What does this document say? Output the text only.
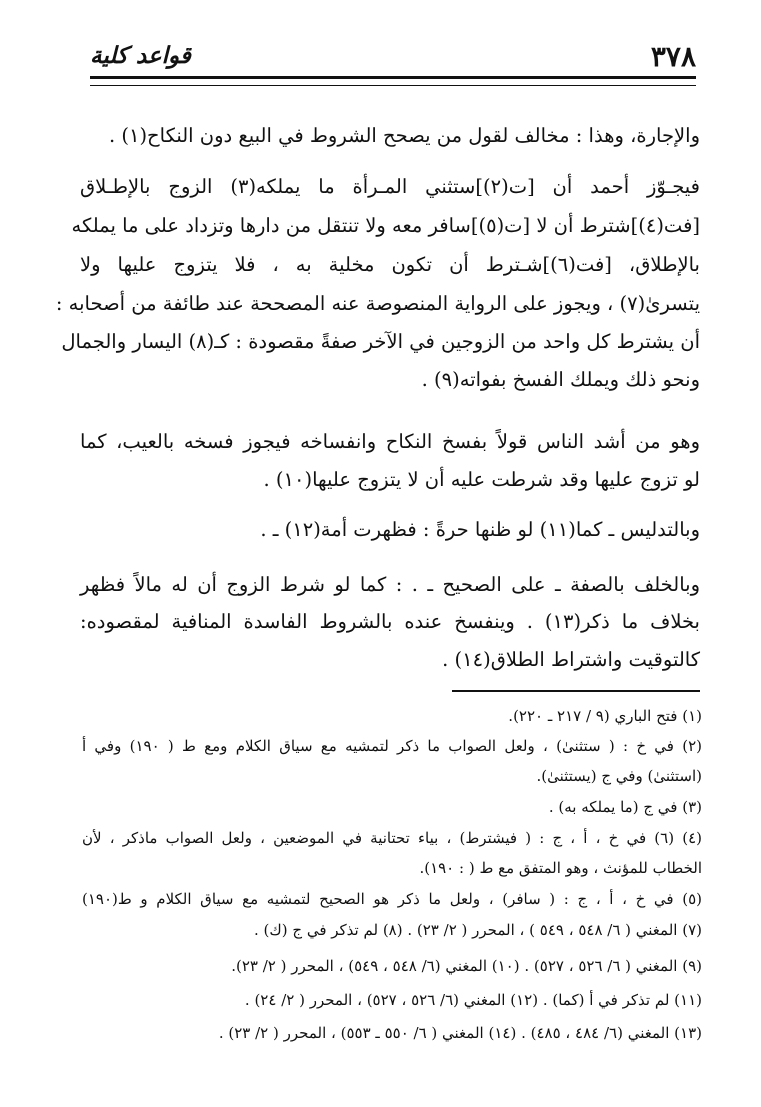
٣٧٨
قواعد كلية
والإجارة، وهذا : مخالف لقول من يصحح الشروط في البيع دون النكاح(١) .
فيجـوّز أحمد أن [ت(٢)]ستثني المـرأة ما يملكه(٣) الزوج بالإطـلاق
[فت(٤)]شترط أن لا [ت(٥)]سافر معه ولا تنتقل من دارها وتزداد على ما يملكه
بالإطلاق، [فت(٦)]شـترط أن تكون مخلية به ، فلا يتزوج عليها ولا
يتسرىٰ(٧) ، ويجوز على الرواية المنصوصة عنه المصححة عند طائفة من أصحابه :
أن يشترط كل واحد من الزوجين في الآخر صفةً مقصودة : كـ(٨) اليسار والجمال
ونحو ذلك ويملك الفسخ بفواته(٩) .
وهو من أشد الناس قولاً بفسخ النكاح وانفساخه فيجوز فسخه بالعيب، كما
لو تزوج عليها وقد شرطت عليه أن لا يتزوج عليها(١٠) .
وبالتدليس ـ كما(١١) لو ظنها حرةً : فظهرت أمة(١٢) ـ .
وبالخلف بالصفة ـ على الصحيح ـ . : كما لو شرط الزوج أن له مالاً فظهر
بخلاف ما ذكر(١٣) . وينفسخ عنده بالشروط الفاسدة المنافية لمقصوده:
كالتوقيت واشتراط الطلاق(١٤) .
(١) فتح الباري (٩ / ٢١٧ ـ ٢٢٠).
(٢) في خ : ( ستثنىٰ) ، ولعل الصواب ما ذكر لتمشيه مع سياق الكلام ومع ط ( ١٩٠) وفي أ
(استثنىٰ) وفي ج (يستثنىٰ).
(٣) في ج (ما يملكه به) .
(٤) (٦) في خ ، أ ، ج : ( فيشترط) ، بياء تحتانية في الموضعين ، ولعل الصواب ماذكر ، لأن
الخطاب للمؤنث ، وهو المتفق مع ط ( : ١٩٠).
(٥) في خ ، أ ، ج : ( سافر) ، ولعل ما ذكر هو الصحيح لتمشيه مع سياق الكلام و ط(١٩٠)
(٧) المغني ( ٦/ ٥٤٨ ، ٥٤٩ ) ، المحرر ( ٢/ ٢٣) . (٨) لم تذكر في ج (ك) .
(٩) المغني ( ٦/ ٥٢٦ ، ٥٢٧) . (١٠) المغني (٦/ ٥٤٨ ، ٥٤٩) ، المحرر ( ٢/ ٢٣).
(١١) لم تذكر في أ (كما) . (١٢) المغني (٦/ ٥٢٦ ، ٥٢٧) ، المحرر ( ٢/ ٢٤) .
(١٣) المغني (٦/ ٤٨٤ ، ٤٨٥) . (١٤) المغني ( ٦/ ٥٥٠ ـ ٥٥٣) ، المحرر ( ٢/ ٢٣) .
